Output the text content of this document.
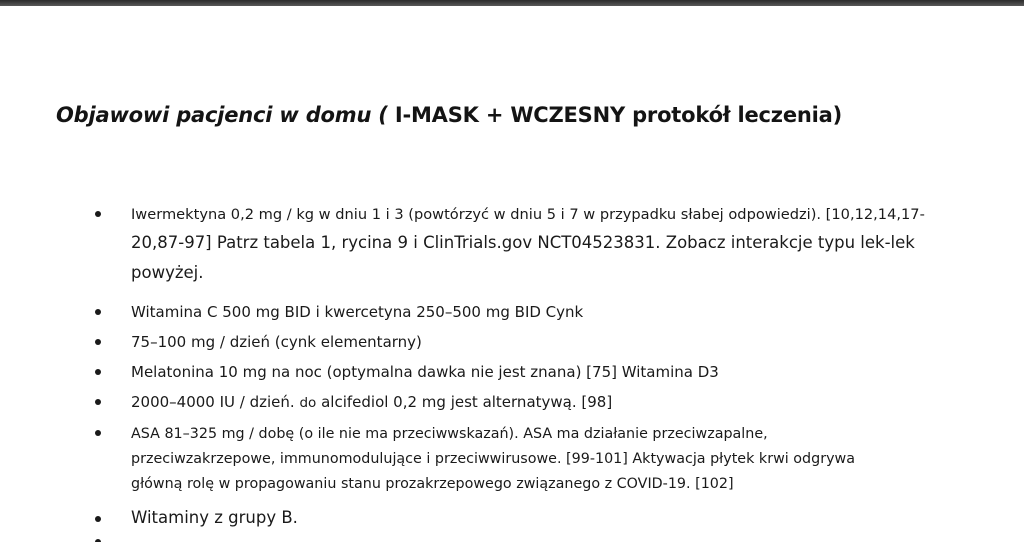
Objawowi pacjenci w domu ( I-MASK + WCZESNY protokół leczenia)
Iwermektyna 0,2 mg / kg w dniu 1 i 3 (powtórzyć w dniu 5 i 7 w przypadku słabej odpowiedzi). [10,12,14,17-
20,87-97] Patrz tabela 1, rycina 9 i ClinTrials.gov NCT04523831. Zobacz interakcje typu lek-lek
powyżej.
Witamina C 500 mg BID i kwercetyna 250–500 mg BID Cynk
75–100 mg / dzień (cynk elementarny)
Melatonina 10 mg na noc (optymalna dawka nie jest znana) [75] Witamina D3
2000–4000 IU / dzień. do alcifediol 0,2 mg jest alternatywą. [98]
ASA 81–325 mg / dobę (o ile nie ma przeciwwskazań). ASA ma działanie przeciwzapalne,
przeciwzakrzepowe, immunomodulujące i przeciwwirusowe. [99-101] Aktywacja płytek krwi odgrywa
główną rolę w propagowaniu stanu prozakrzepowego związanego z COVID-19. [102]
Witaminy z grupy B.
